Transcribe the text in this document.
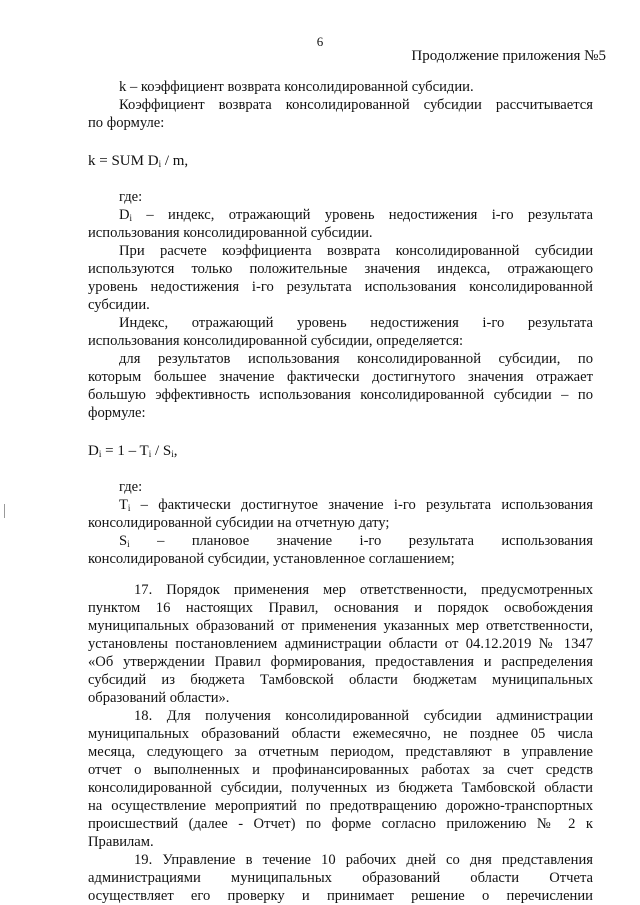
6
Продолжение приложения №5

k – коэффициент возврата консолидированной субсидии.

Коэффициент возврата консолидированной субсидии рассчитывается

по формуле:

k = SUM $D_i$ / m,

где:

$D_i$ – индекс, отражающий уровень недостижения i-го результата

использования консолидированной субсидии.

При расчете коэффициента возврата консолидированной субсидии

используются только положительные значения индекса, отражающего

уровень недостижения i-го результата использования консолидированной

субсидии.

Индекс, отражающий уровень недостижения i-го результата

использования консолидированной субсидии, определяется:

для результатов использования консолидированной субсидии, по

которым большее значение фактически достигнутого значения отражает

большую эффективность использования консолидированной субсидии – по

формуле:

$D_i = 1 - T_i / S_i$,

где:

$T_i$ – фактически достигнутое значение i-го результата использования

консолидированной субсидии на отчетную дату;

$S_i$ – плановое значение i-го результата использования

консолидированой субсидии, установленное соглашением;

17. Порядок применения мер ответственности, предусмотренных

пунктом 16 настоящих Правил, основания и порядок освобождения

муниципальных образований от применения указанных мер ответственности,

установлены постановлением администрации области от 04.12.2019 № 1347

«Об утверждении Правил формирования, предоставления и распределения

субсидий из бюджета Тамбовской области бюджетам муниципальных

образований области».

18. Для получения консолидированной субсидии администрации

муниципальных образований области ежемесячно, не позднее 05 числа

месяца, следующего за отчетным периодом, представляют в управление

отчет о выполненных и профинансированных работах за счет средств

консолидированной субсидии, полученных из бюджета Тамбовской области

на осуществление мероприятий по предотвращению дорожно-транспортных

происшествий (далее - Отчет) по форме согласно приложению № 2 к

Правилам.

19. Управление в течение 10 рабочих дней со дня представления

администрациями муниципальных образований области Отчета

осуществляет его проверку и принимает решение о перечислении
